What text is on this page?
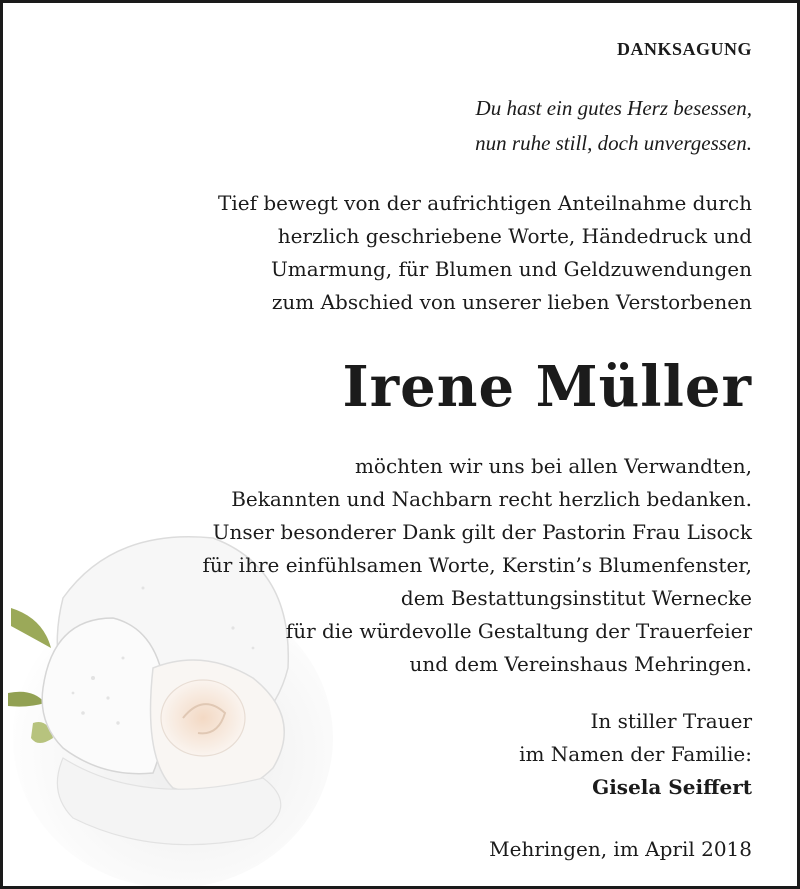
DANKSAGUNG
Du hast ein gutes Herz besessen,
nun ruhe still, doch unvergessen.
Tief bewegt von der aufrichtigen Anteilnahme durch
herzlich geschriebene Worte, Händedruck und
Umarmung, für Blumen und Geldzuwendungen
zum Abschied von unserer lieben Verstorbenen
Irene Müller
möchten wir uns bei allen Verwandten,
Bekannten und Nachbarn recht herzlich bedanken.
Unser besonderer Dank gilt der Pastorin Frau Lisock
für ihre einfühlsamen Worte, Kerstin’s Blumenfenster,
dem Bestattungsinstitut Wernecke
für die würdevolle Gestaltung der Trauerfeier
und dem Vereinshaus Mehringen.
In stiller Trauer
im Namen der Familie:
Gisela Seiffert
Mehringen, im April 2018
